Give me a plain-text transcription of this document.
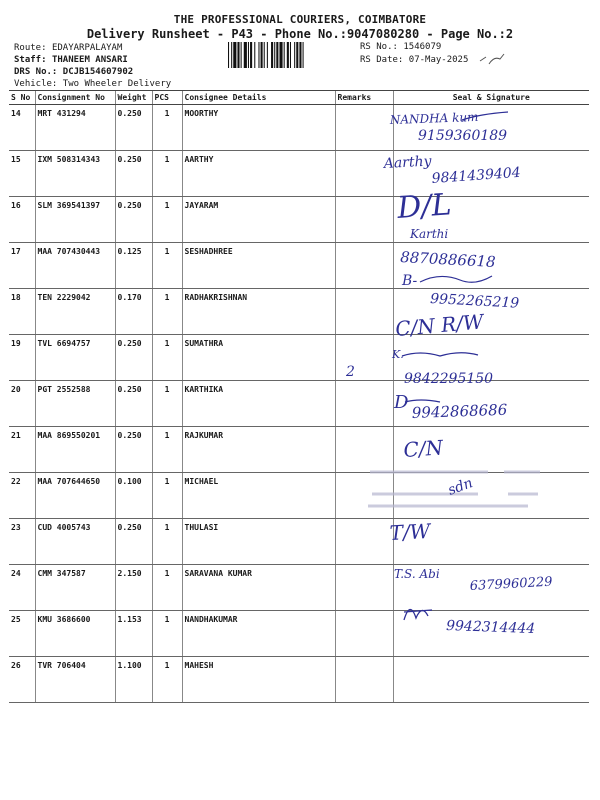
THE PROFESSIONAL COURIERS, COIMBATORE
Delivery Runsheet - P43 - Phone No.:9047080280 - Page No.:2
Route: EDAYARPALAYAM
Staff: THANEEM ANSARI
DRS No.: DCJB154607902
Vehicle: Two Wheeler Delivery
RS No.: 1546079
RS Date: 07-May-2025
S No	Consignment No	Weight	PCS	Consignee Details	Remarks	Seal & Signature
14	MRT 431294	0.250	1	MOORTHY		
15	IXM 508314343	0.250	1	AARTHY		
16	SLM 369541397	0.250	1	JAYARAM		
17	MAA 707430443	0.125	1	SESHADHREE		
18	TEN 2229042	0.170	1	RADHAKRISHNAN		
19	TVL 6694757	0.250	1	SUMATHRA		
20	PGT 2552588	0.250	1	KARTHIKA		
21	MAA 869550201	0.250	1	RAJKUMAR		
22	MAA 707644650	0.100	1	MICHAEL		
23	CUD 4005743	0.250	1	THULASI		
24	CMM 347587	2.150	1	SARAVANA KUMAR		
25	KMU 3686600	1.153	1	NANDHAKUMAR		
26	TVR 706404	1.100	1	MAHESH		
NANDHA kum
9159360189
Aarthy
9841439404
D/L
Karthi
8870886618
B-
9952265219
C/N R/W
2
K.
9842295150
D 9942868686
C/N
sdn
T/W
T.S. Abi
6379960229
9942314444
